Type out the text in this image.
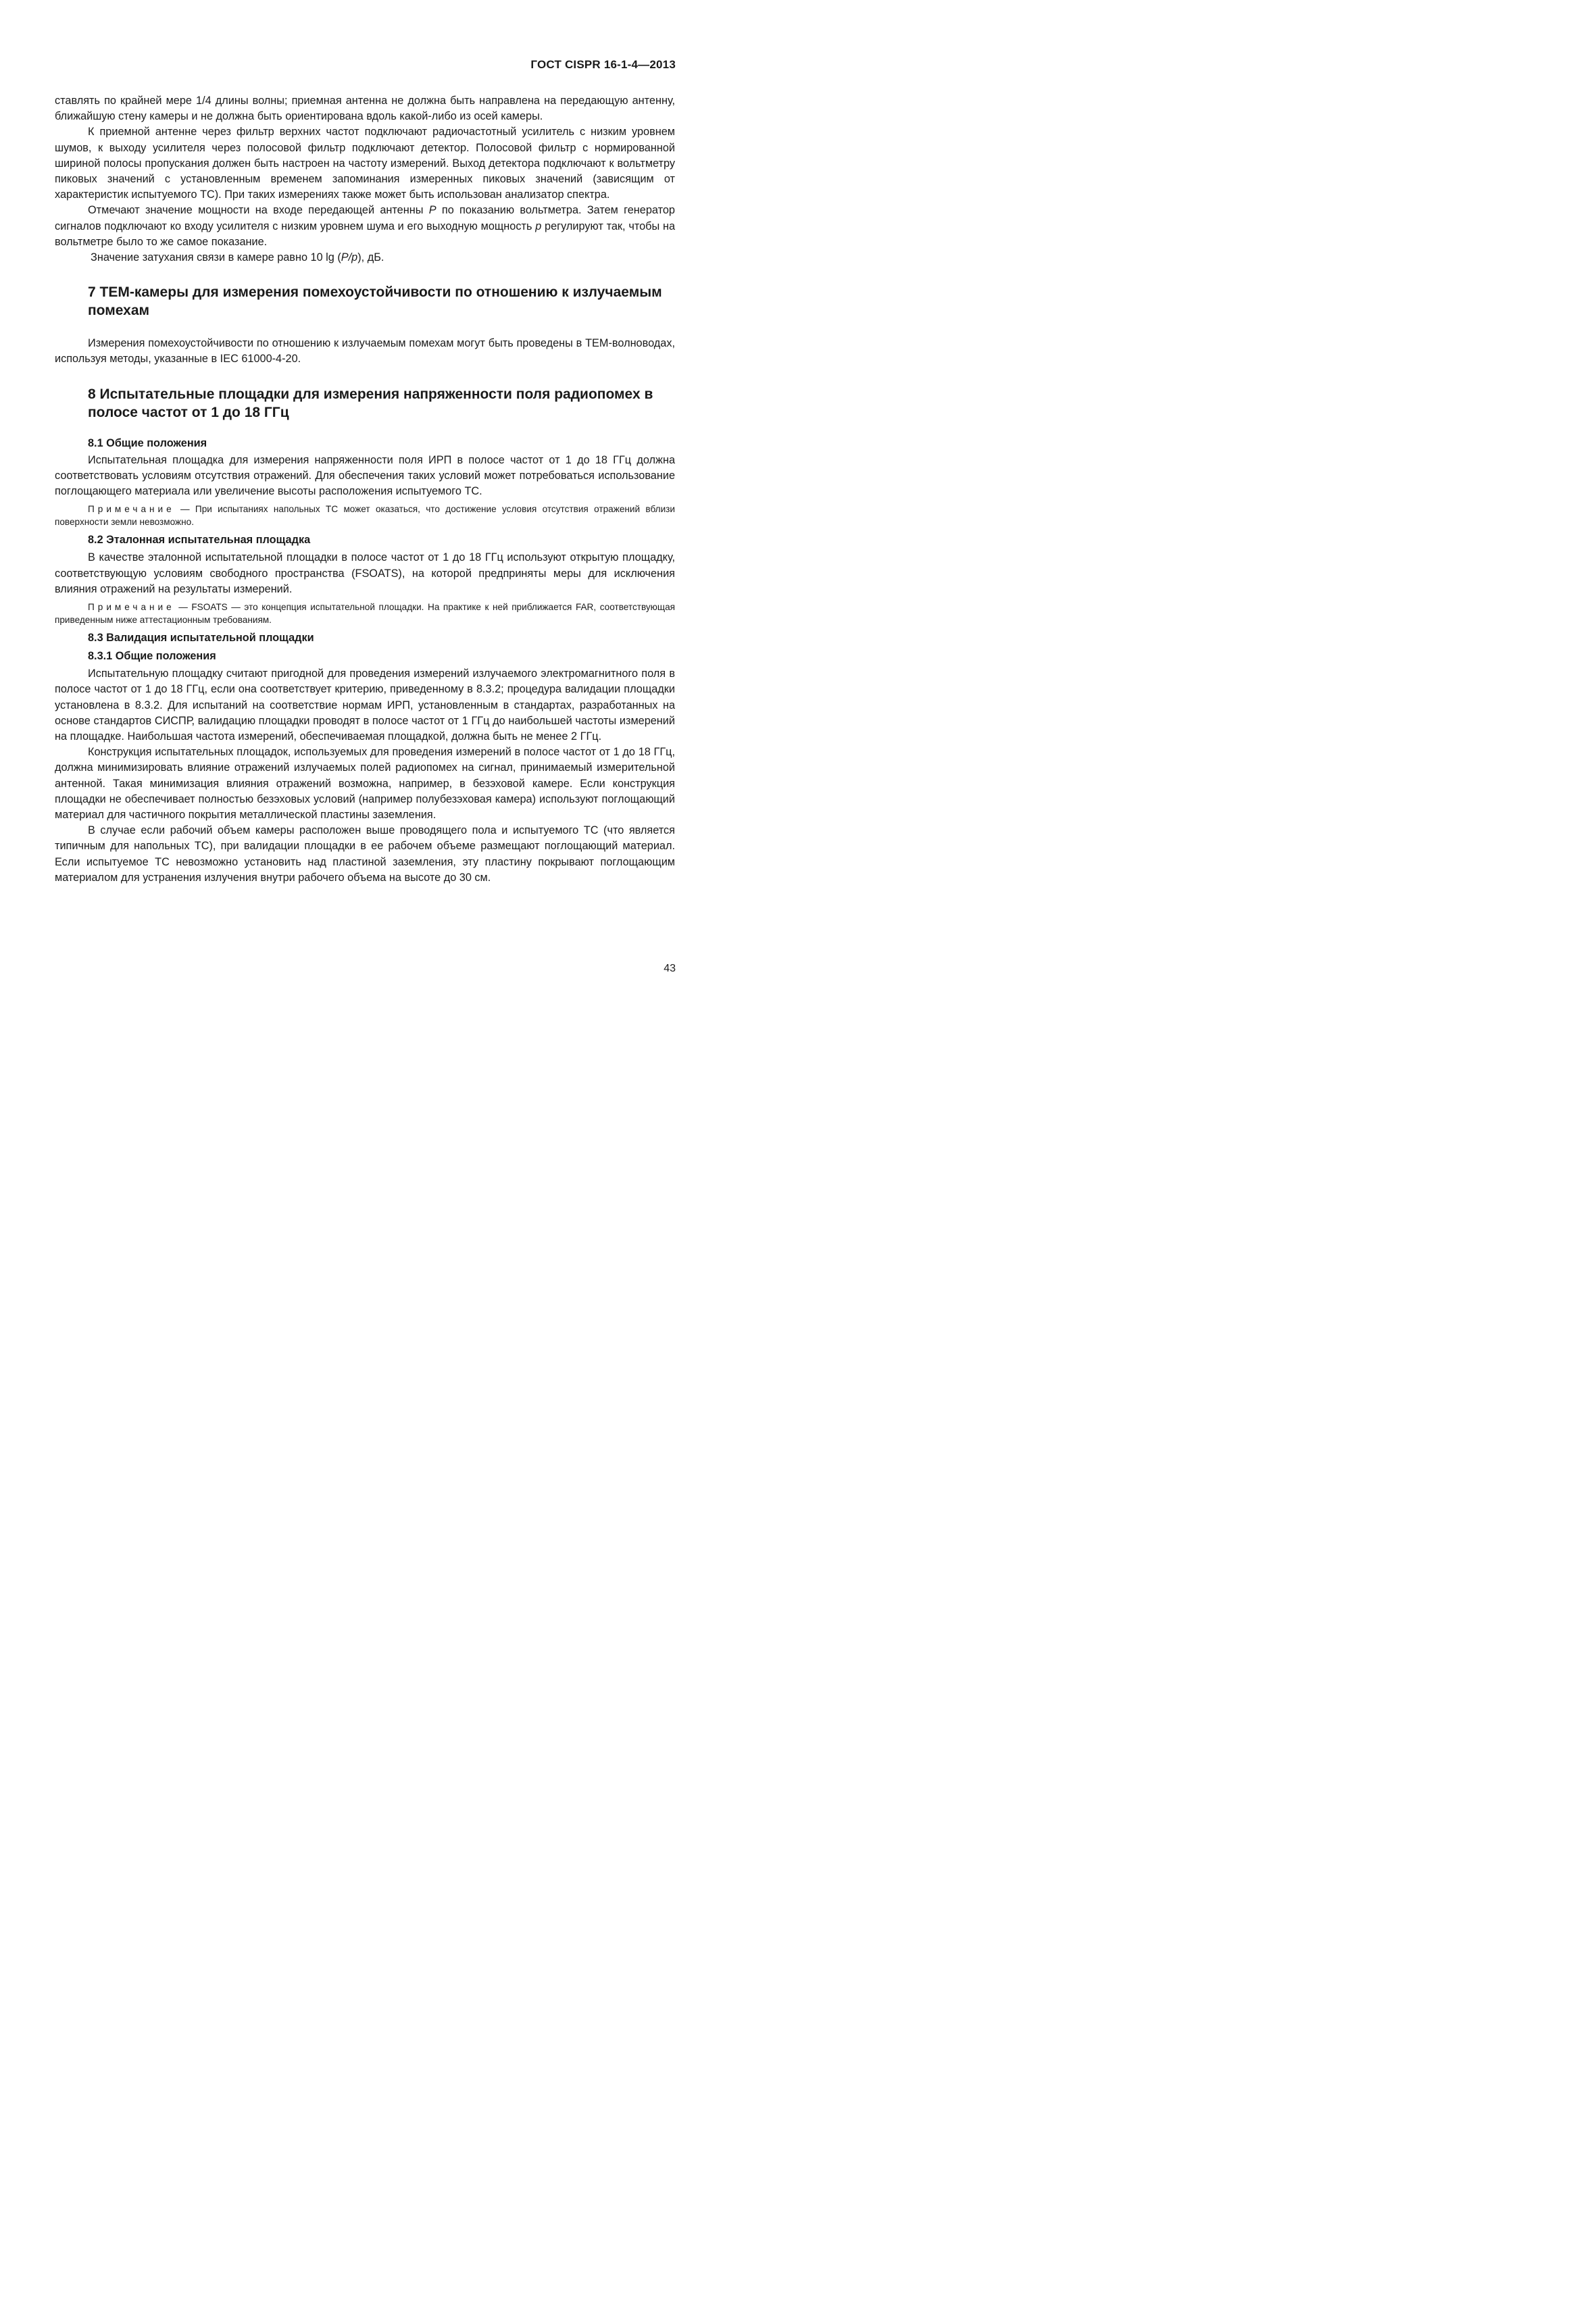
ГОСТ CISPR 16-1-4—2013

ставлять по крайней мере 1/4 длины волны; приемная антенна не должна быть направлена на передающую антенну, ближайшую стену камеры и не должна быть ориентирована вдоль какой-либо из осей камеры.

К приемной антенне через фильтр верхних частот подключают радиочастотный усилитель с низким уровнем шумов, к выходу усилителя через полосовой фильтр подключают детектор. Полосовой фильтр с нормированной шириной полосы пропускания должен быть настроен на частоту измерений. Выход детектора подключают к вольтметру пиковых значений с установленным временем запоминания измеренных пиковых значений (зависящим от характеристик испытуемого ТС). При таких измерениях также может быть использован анализатор спектра.

Отмечают значение мощности на входе передающей антенны P по показанию вольтметра. Затем генератор сигналов подключают ко входу усилителя с низким уровнем шума и его выходную мощность p регулируют так, чтобы на вольтметре было то же самое показание.

Значение затухания связи в камере равно 10 lg (P/p), дБ.

7 ТЕМ-камеры для измерения помехоустойчивости по отношению к излучаемым помехам

Измерения помехоустойчивости по отношению к излучаемым помехам могут быть проведены в ТЕМ-волноводах, используя методы, указанные в IEC 61000-4-20.

8 Испытательные площадки для измерения напряженности поля радиопомех в полосе частот от 1 до 18 ГГц
8.1 Общие положения

Испытательная площадка для измерения напряженности поля ИРП в полосе частот от 1 до 18 ГГц должна соответствовать условиям отсутствия отражений. Для обеспечения таких условий может потребоваться использование поглощающего материала или увеличение высоты расположения испытуемого ТС.

Примечание — При испытаниях напольных ТС может оказаться, что достижение условия отсутствия отражений вблизи поверхности земли невозможно.

8.2 Эталонная испытательная площадка

В качестве эталонной испытательной площадки в полосе частот от 1 до 18 ГГц используют открытую площадку, соответствующую условиям свободного пространства (FSOATS), на которой предприняты меры для исключения влияния отражений на результаты измерений.

Примечание — FSOATS — это концепция испытательной площадки. На практике к ней приближается FAR, соответствующая приведенным ниже аттестационным требованиям.

8.3 Валидация испытательной площадки
8.3.1 Общие положения

Испытательную площадку считают пригодной для проведения измерений излучаемого электромагнитного поля в полосе частот от 1 до 18 ГГц, если она соответствует критерию, приведенному в 8.3.2; процедура валидации площадки установлена в 8.3.2. Для испытаний на соответствие нормам ИРП, установленным в стандартах, разработанных на основе стандартов СИСПР, валидацию площадки проводят в полосе частот от 1 ГГц до наибольшей частоты измерений на площадке. Наибольшая частота измерений, обеспечиваемая площадкой, должна быть не менее 2 ГГц.

Конструкция испытательных площадок, используемых для проведения измерений в полосе частот от 1 до 18 ГГц, должна минимизировать влияние отражений излучаемых полей радиопомех на сигнал, принимаемый измерительной антенной. Такая минимизация влияния отражений возможна, например, в безэховой камере. Если конструкция площадки не обеспечивает полностью безэховых условий (например полубезэховая камера) используют поглощающий материал для частичного покрытия металлической пластины заземления.

В случае если рабочий объем камеры расположен выше проводящего пола и испытуемого ТС (что является типичным для напольных ТС), при валидации площадки в ее рабочем объеме размещают поглощающий материал. Если испытуемое ТС невозможно установить над пластиной заземления, эту пластину покрывают поглощающим материалом для устранения излучения внутри рабочего объема на высоте до 30 см.

43
